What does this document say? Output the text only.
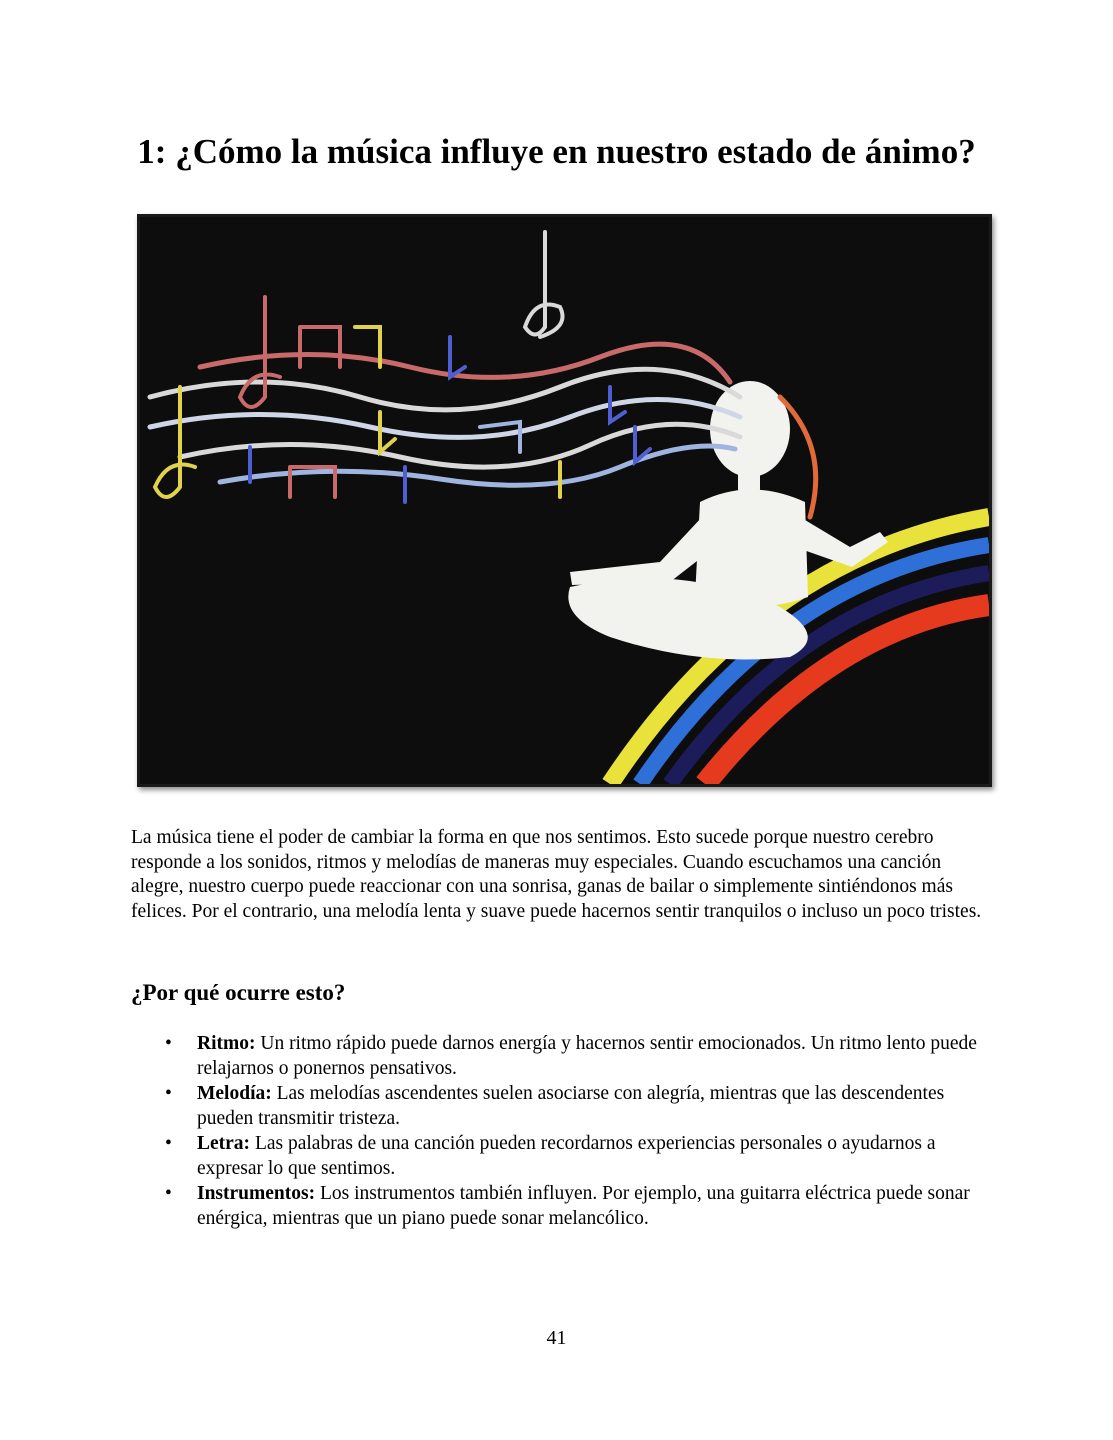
1: ¿Cómo la música influye en nuestro estado de ánimo?

La música tiene el poder de cambiar la forma en que nos sentimos. Esto sucede porque nuestro cerebro responde a los sonidos, ritmos y melodías de maneras muy especiales. Cuando escuchamos una canción alegre, nuestro cuerpo puede reaccionar con una sonrisa, ganas de bailar o simplemente sintiéndonos más felices. Por el contrario, una melodía lenta y suave puede hacernos sentir tranquilos o incluso un poco tristes.

¿Por qué ocurre esto?
• Ritmo: Un ritmo rápido puede darnos energía y hacernos sentir emocionados. Un ritmo lento puede relajarnos o ponernos pensativos.
• Melodía: Las melodías ascendentes suelen asociarse con alegría, mientras que las descendentes pueden transmitir tristeza.
• Letra: Las palabras de una canción pueden recordarnos experiencias personales o ayudarnos a expresar lo que sentimos.
• Instrumentos: Los instrumentos también influyen. Por ejemplo, una guitarra eléctrica puede sonar enérgica, mientras que un piano puede sonar melancólico.

41
